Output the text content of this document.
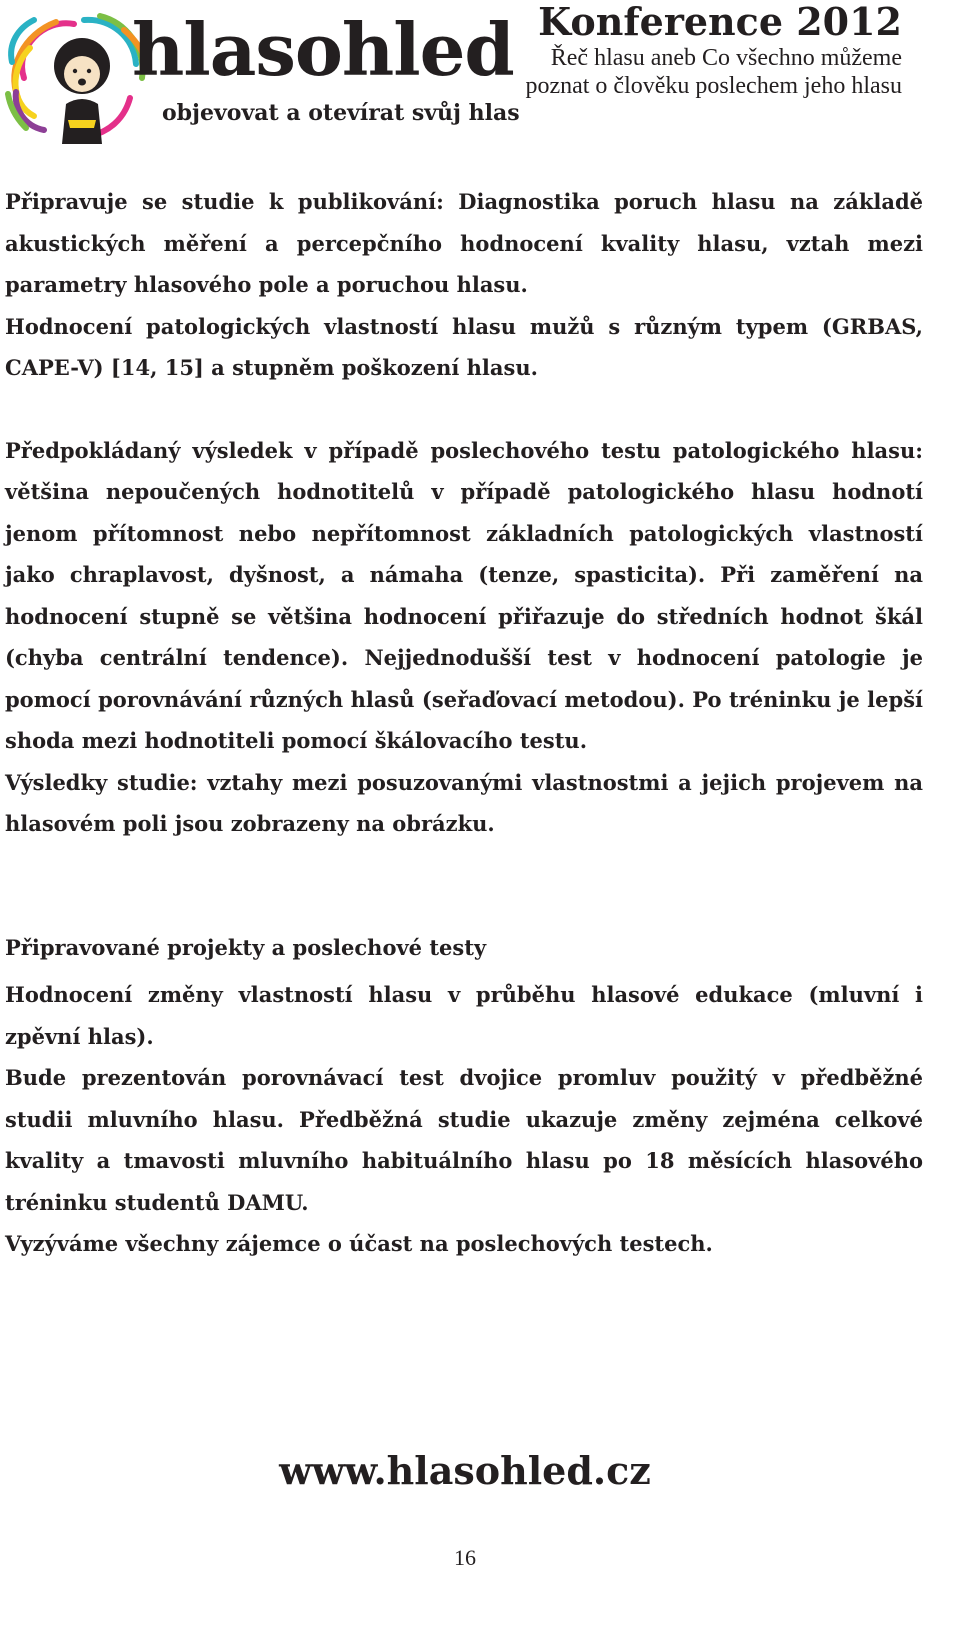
hlasohled
objevovat a otevírat svůj hlas
Konference 2012
Řeč hlasu aneb Co všechno můžeme poznat o člověku poslechem jeho hlasu

Připravuje se studie k publikování: Diagnostika poruch hlasu na základě akustických měření a percepčního hodnocení kvality hlasu, vztah mezi parametry hlasového pole a poruchou hlasu.

Hodnocení patologických vlastností hlasu mužů s různým typem (GRBAS, CAPE-V) [14, 15] a stupněm poškození hlasu.

Předpokládaný výsledek v případě poslechového testu patologického hlasu: většina nepoučených hodnotitelů v případě patologického hlasu hodnotí jenom přítomnost nebo nepřítomnost základních patologických vlastností jako chraplavost, dyšnost, a námaha (tenze, spasticita). Při zaměření na hodnocení stupně se většina hodnocení přiřazuje do středních hodnot škál (chyba centrální tendence). Nejjednodušší test v hodnocení patologie je pomocí porovnávání různých hlasů (seřaďovací metodou). Po tréninku je lepší shoda mezi hodnotiteli pomocí škálovacího testu.

Výsledky studie: vztahy mezi posuzovanými vlastnostmi a jejich projevem na hlasovém poli jsou zobrazeny na obrázku.

Připravované projekty a poslechové testy

Hodnocení změny vlastností hlasu v průběhu hlasové edukace (mluvní i zpěvní hlas).

Bude prezentován porovnávací test dvojice promluv použitý v předběžné studii mluvního hlasu. Předběžná studie ukazuje změny zejména celkové kvality a tmavosti mluvního habituálního hlasu po 18 měsících hlasového tréninku studentů DAMU.

Vyzýváme všechny zájemce o účast na poslechových testech.

www.hlasohled.cz
16
